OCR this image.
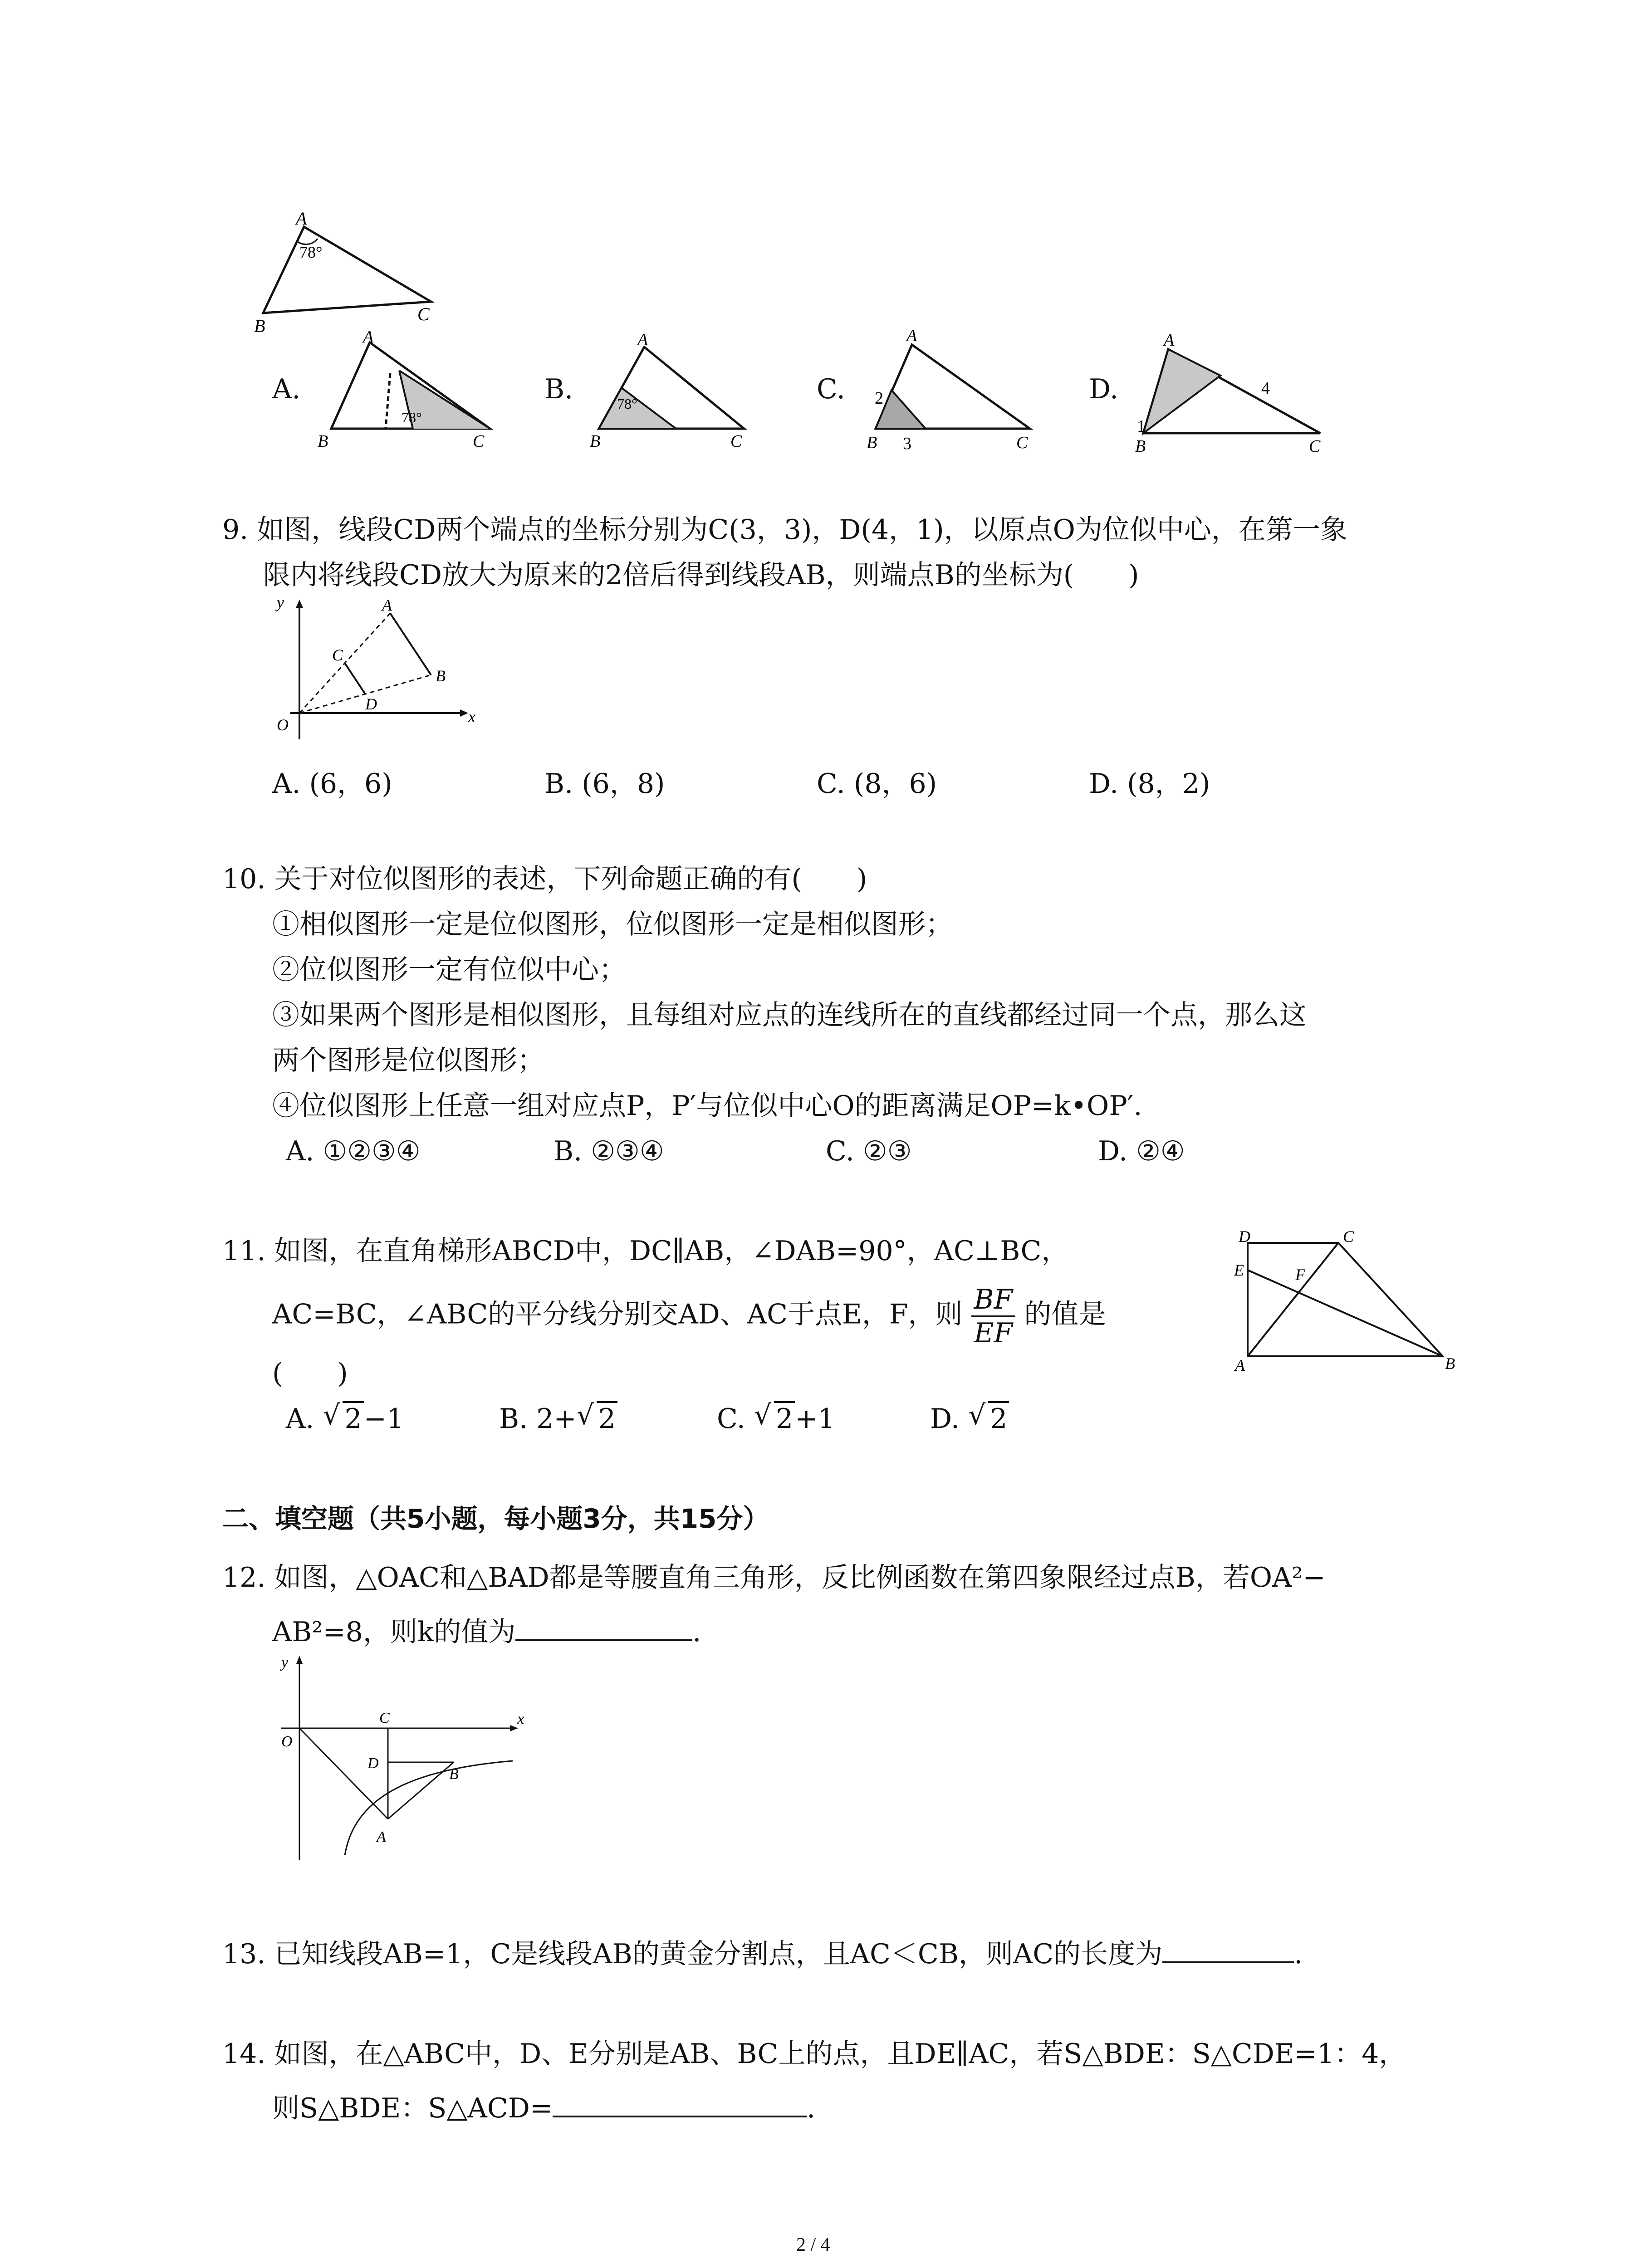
A
78°
B
C
A.
A
B	C
78°
B.
A
B	C
78°	C.
A
B	C
2
3
D.
A
B	C
1
4
9. 如图，线段CD两个端点的坐标分别为C(3，3)，D(4，1)，以原点O为位似中心，在第一象
限内将线段CD放大为原来的2倍后得到线段AB，则端点B的坐标为(　　)
y
x
O
A
B
C
D
A. (6，6)	B. (6，8)	C. (8，6)	D. (8，2)
10. 关于对位似图形的表述，下列命题正确的有(　　)
①相似图形一定是位似图形，位似图形一定是相似图形；
②位似图形一定有位似中心；
③如果两个图形是相似图形，且每组对应点的连线所在的直线都经过同一个点，那么这
两个图形是位似图形；
④位似图形上任意一组对应点P，P′与位似中心O的距离满足OP=k•OP′.
A. ①②③④	B. ②③④	C. ②③	D. ②④
11. 如图，在直角梯形ABCD中，DC∥AB，∠DAB=90°，AC⊥BC，
AC=BC，∠ABC的平分线分别交AD、AC于点E，F，则 $\frac{BF}{EF}$ 的值是
(　　)
A. √ 2−1	B. 2+ √ 2	C. √ 2+1	D. √ 2
D	C
E	F
A	B
二、填空题（共5小题，每小题3分，共15分）
12. 如图，△OAC和△BAD都是等腰直角三角形，反比例函数在第四象限经过点B，若OA²−
AB²=8，则k的值为	.
y
x
O
C
D
B
A
13. 已知线段AB=1，C是线段AB的黄金分割点，且AC＜CB，则AC的长度为	.
14. 如图，在△ABC中，D、E分别是AB、BC上的点，且DE∥AC，若S△BDE：S△CDE=1：4，
则S△BDE：S△ACD=	.
2 / 4
